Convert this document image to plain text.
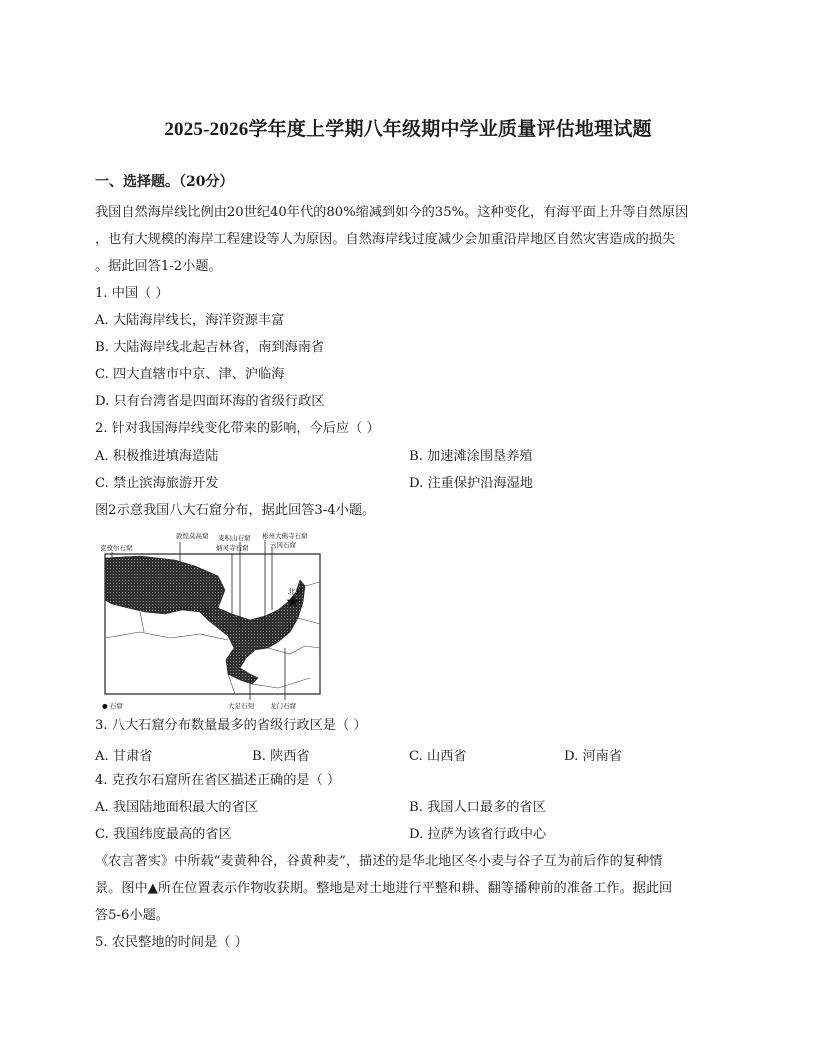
2025-2026学年度上学期八年级期中学业质量评估地理试题
一、选择题。（20分）
我国自然海岸线比例由20世纪40年代的80%缩减到如今的35%。这种变化，有海平面上升等自然原因
，也有大规模的海岸工程建设等人为原因。自然海岸线过度减少会加重沿岸地区自然灾害造成的损失
。据此回答1-2小题。
1. 中国（ ）
A. 大陆海岸线长，海洋资源丰富
B. 大陆海岸线北起吉林省，南到海南省
C. 四大直辖市中京、津、沪临海
D. 只有台湾省是四面环海的省级行政区
2. 针对我国海岸线变化带来的影响，今后应（ ）
A. 积极推进填海造陆	B. 加速滩涂围垦养殖
C. 禁止滨海旅游开发	D. 注重保护沿海湿地
图2示意我国八大石窟分布，据此回答3-4小题。
北京
敦煌莫高窟
克孜尔石窟
麦积山石窟
炳灵寺石窟
彬州大佛寺石窟
云冈石窟
大足石刻 龙门石窟
● 石窟
3. 八大石窟分布数量最多的省级行政区是（ ）
A. 甘肃省	B. 陕西省	C. 山西省	D. 河南省
4. 克孜尔石窟所在省区描述正确的是（ ）
A. 我国陆地面积最大的省区	B. 我国人口最多的省区
C. 我国纬度最高的省区	D. 拉萨为该省行政中心
《农言著实》中所载“麦黄种谷，谷黄种麦”，描述的是华北地区冬小麦与谷子互为前后作的复种情
景。图中▲所在位置表示作物收获期。整地是对土地进行平整和耕、翻等播种前的准备工作。据此回
答5-6小题。
5. 农民整地的时间是（ ）
